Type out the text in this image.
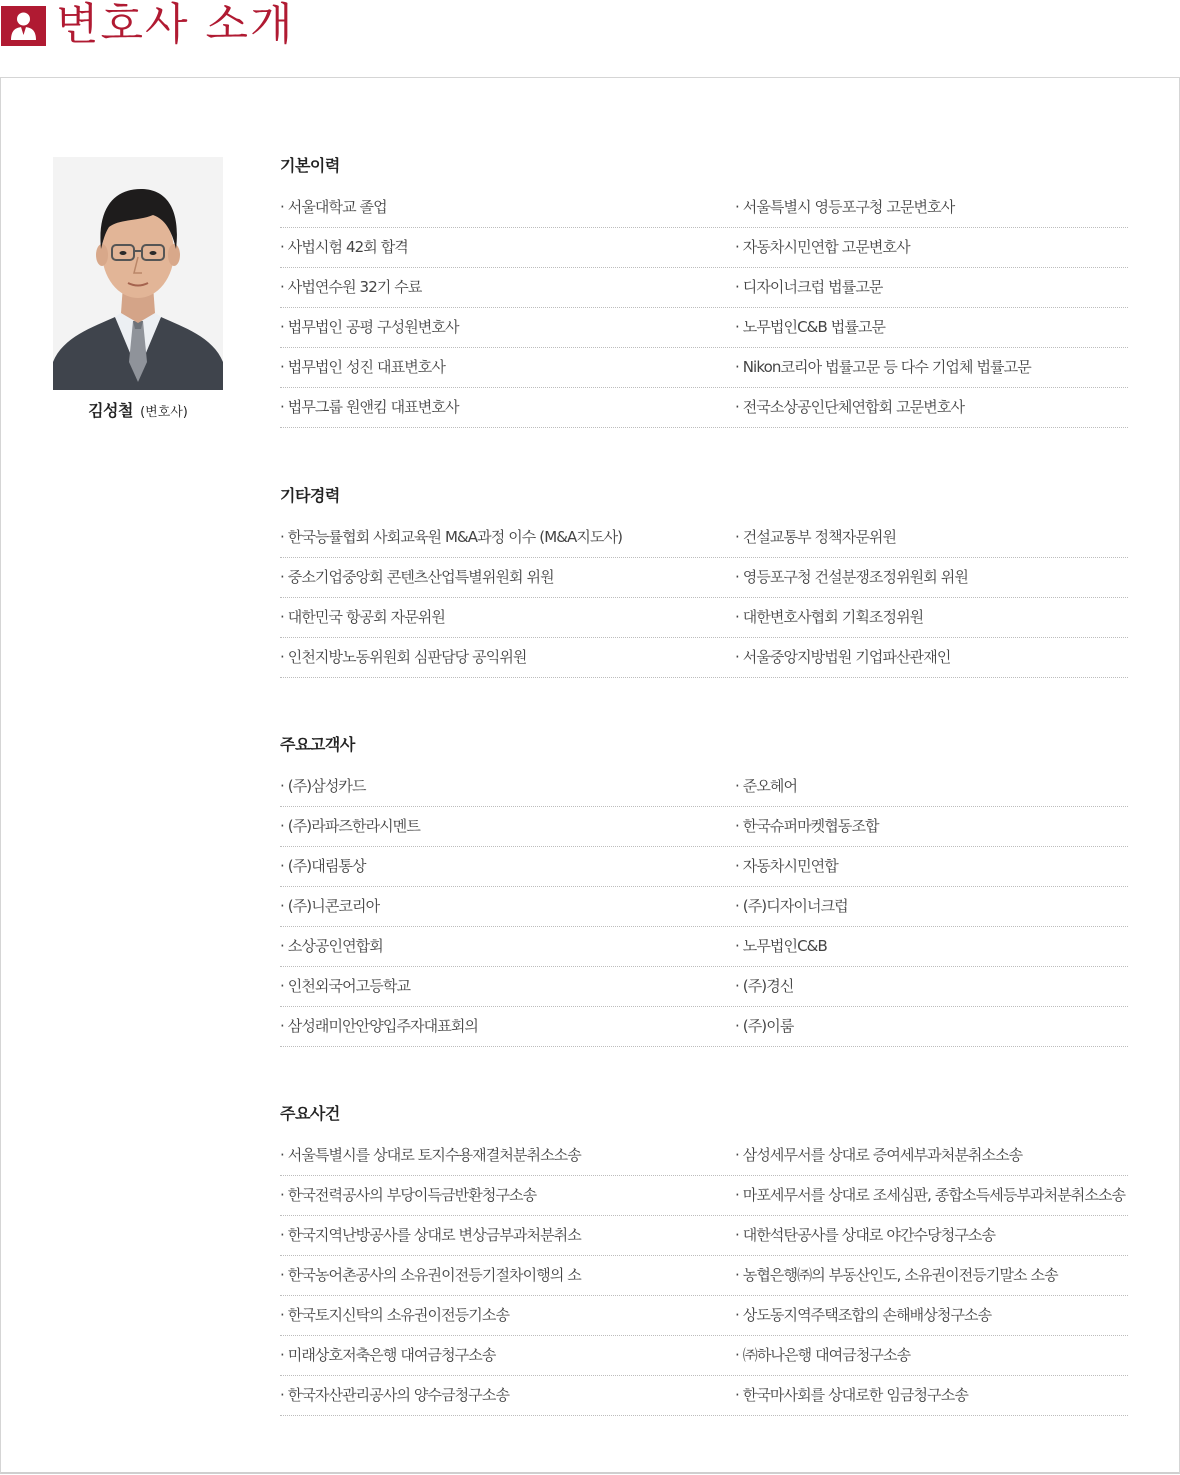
변호사 소개
김성철 (변호사)
기본이력
· 서울대학교 졸업	· 서울특별시 영등포구청 고문변호사
· 사법시험 42회 합격	· 자동차시민연합 고문변호사
· 사법연수원 32기 수료	· 디자이너크럽 법률고문
· 법무법인 공평 구성원변호사	· 노무법인C&B 법률고문
· 법무법인 성진 대표변호사	· Nikon코리아 법률고문 등 다수 기업체 법률고문
· 법무그룹 원앤킴 대표변호사	· 전국소상공인단체연합회 고문변호사
기타경력
· 한국능률협회 사회교육원 M&A과정 이수 (M&A지도사)	· 건설교통부 정책자문위원
· 중소기업중앙회 콘텐츠산업특별위원회 위원	· 영등포구청 건설분쟁조정위원회 위원
· 대한민국 항공회 자문위원	· 대한변호사협회 기획조정위원
· 인천지방노동위원회 심판담당 공익위원	· 서울중앙지방법원 기업파산관재인
주요고객사
· (주)삼성카드	· 준오헤어
· (주)라파즈한라시멘트	· 한국슈퍼마켓협동조합
· (주)대림통상	· 자동차시민연합
· (주)니콘코리아	· (주)디자이너크럽
· 소상공인연합회	· 노무법인C&B
· 인천외국어고등학교	· (주)경신
· 삼성래미안안양입주자대표회의	· (주)이룸
주요사건
· 서울특별시를 상대로 토지수용재결처분취소소송	· 삼성세무서를 상대로 증여세부과처분취소소송
· 한국전력공사의 부당이득금반환청구소송	· 마포세무서를 상대로 조세심판, 종합소득세등부과처분취소소송
· 한국지역난방공사를 상대로 변상금부과처분취소	· 대한석탄공사를 상대로 야간수당청구소송
· 한국농어촌공사의 소유권이전등기절차이행의 소	· 농협은행㈜의 부동산인도, 소유권이전등기말소 소송
· 한국토지신탁의 소유권이전등기소송	· 상도동지역주택조합의 손해배상청구소송
· 미래상호저축은행 대여금청구소송	· ㈜하나은행 대여금청구소송
· 한국자산관리공사의 양수금청구소송	· 한국마사회를 상대로한 임금청구소송
